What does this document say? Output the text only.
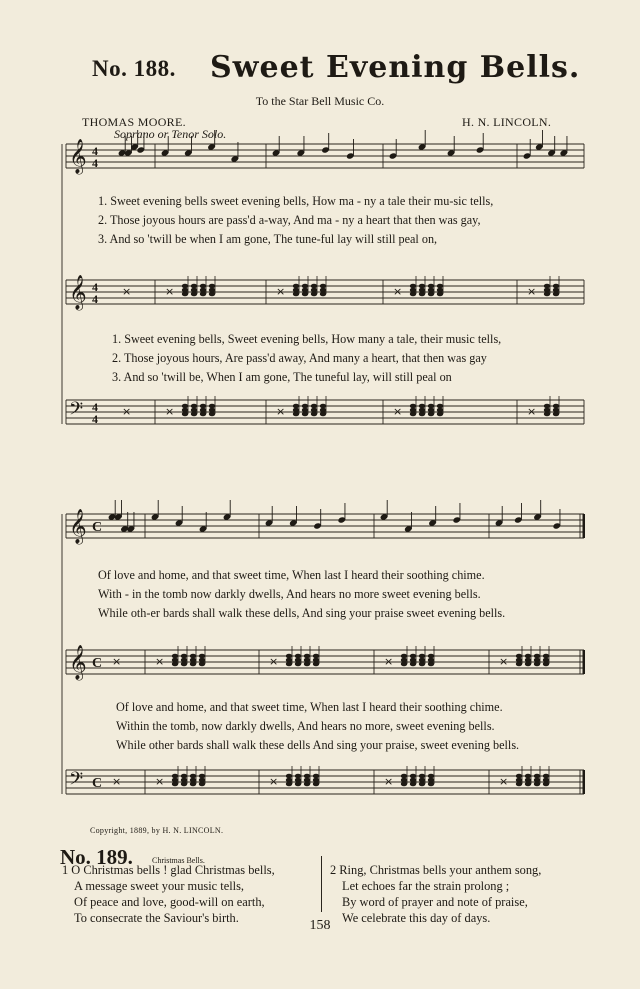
No. 188. Sweet Evening Bells.
To the Star Bell Music Co.
THOMAS MOORE.	H. N. LINCOLN.
Soprano or Tenor Solo.
𝄞 4
4
𝄞 4
4
𝄢 4
4
𝄞 C
𝄞 C
𝄢 C
×	×	×	×	×
×	×	×	×	×
×	×	×	×	×
×	×	×	×	×
1. Sweet evening bells sweet evening bells, How ma - ny a tale their mu-sic tells,
2. Those joyous hours are pass'd a-way, And ma - ny a heart that then was gay,
3. And so 'twill be when I am gone, The tune-ful lay will still peal on,
1. Sweet evening bells, Sweet evening bells, How many a tale, their music tells,
2. Those joyous hours, Are pass'd away, And many a heart, that then was gay
3. And so 'twill be, When I am gone, The tuneful lay, will still peal on
Of love and home, and that sweet time, When last I heard their soothing chime.
With - in the tomb now darkly dwells, And hears no more sweet evening bells.
While oth-er bards shall walk these dells, And sing your praise sweet evening bells.
Of love and home, and that sweet time, When last I heard their soothing chime.
Within the tomb, now darkly dwells, And hears no more, sweet evening bells.
While other bards shall walk these dells And sing your praise, sweet evening bells.
Copyright, 1889, by H. N. LINCOLN.
No. 189. Christmas Bells.
1 O Christmas bells ! glad Christmas bells,
A message sweet your music tells,
Of peace and love, good-will on earth,
To consecrate the Saviour's birth.
2 Ring, Christmas bells your anthem song,
Let echoes far the strain prolong ;
By word of prayer and note of praise,
We celebrate this day of days.
158
